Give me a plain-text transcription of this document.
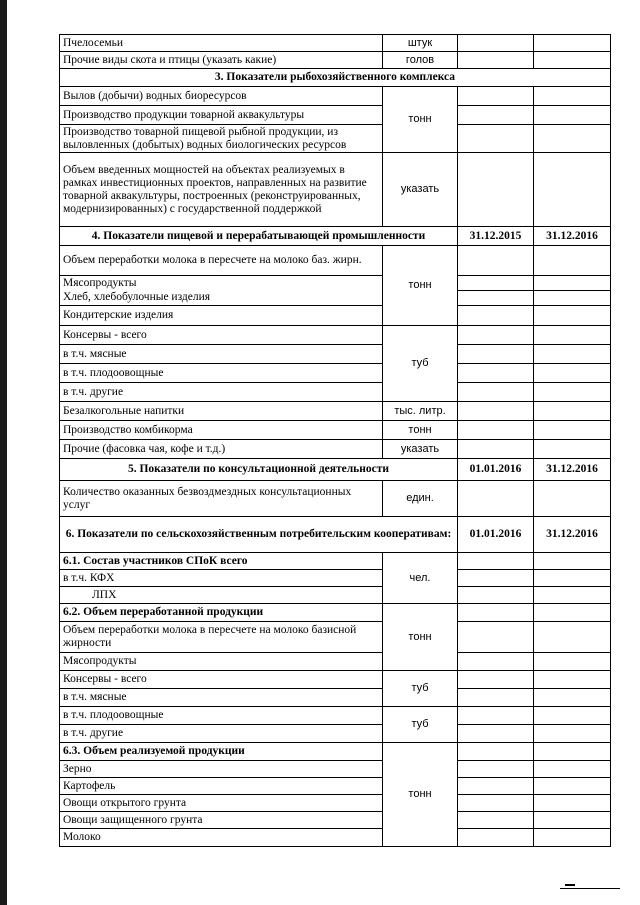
Пчелосемьи	штук		
Прочие виды скота и птицы (указать какие)	голов		
3. Показатели рыбохозяйственного комплекса			
Вылов (добычи) водных биоресурсов	тонн		
Производство продукции товарной аквакультуры			
Производство товарной пищевой рыбной продукции, из выловленных (добытых) водных биологических ресурсов			
Объем введенных мощностей на объектах реализуемых в рамках инвестиционных проектов, направленных на развитие товарной аквакультуры, построенных (реконструированных, модернизированных) с государственной поддержкой	указать		
4. Показатели пищевой и перерабатывающей промышленности		31.12.2015	31.12.2016
Объем переработки молока в пересчете на молоко баз. жирн.	тонн		
Мясопродукты			
Хлеб, хлебобулочные изделия			
Кондитерские изделия			
Консервы - всего	туб		
в т.ч. мясные			
в т.ч. плодоовощные			
в т.ч. другие			
Безалкогольные напитки	тыс. литр.		
Производство комбикорма	тонн		
Прочие (фасовка чая, кофе и т.д.)	указать		
5. Показатели по консультационной деятельности		01.01.2016	31.12.2016
Количество оказанных безвоздмездных консультационных услуг	един.		
6. Показатели по сельскохозяйственным потребительским кооперативам:		01.01.2016	31.12.2016
6.1. Состав участников СПоК всего	чел.		
в т.ч. КФХ			
ЛПХ			
6.2. Объем переработанной продукции	тонн		
Объем переработки молока в пересчете на молоко базисной жирности			
Мясопродукты			
Консервы - всего	туб		
в т.ч. мясные			
в т.ч. плодоовощные	туб		
в т.ч. другие			
6.3. Объем реализуемой продукции	тонн		
Зерно			
Картофель			
Овощи открытого грунта			
Овощи защищенного грунта			
Молоко			
